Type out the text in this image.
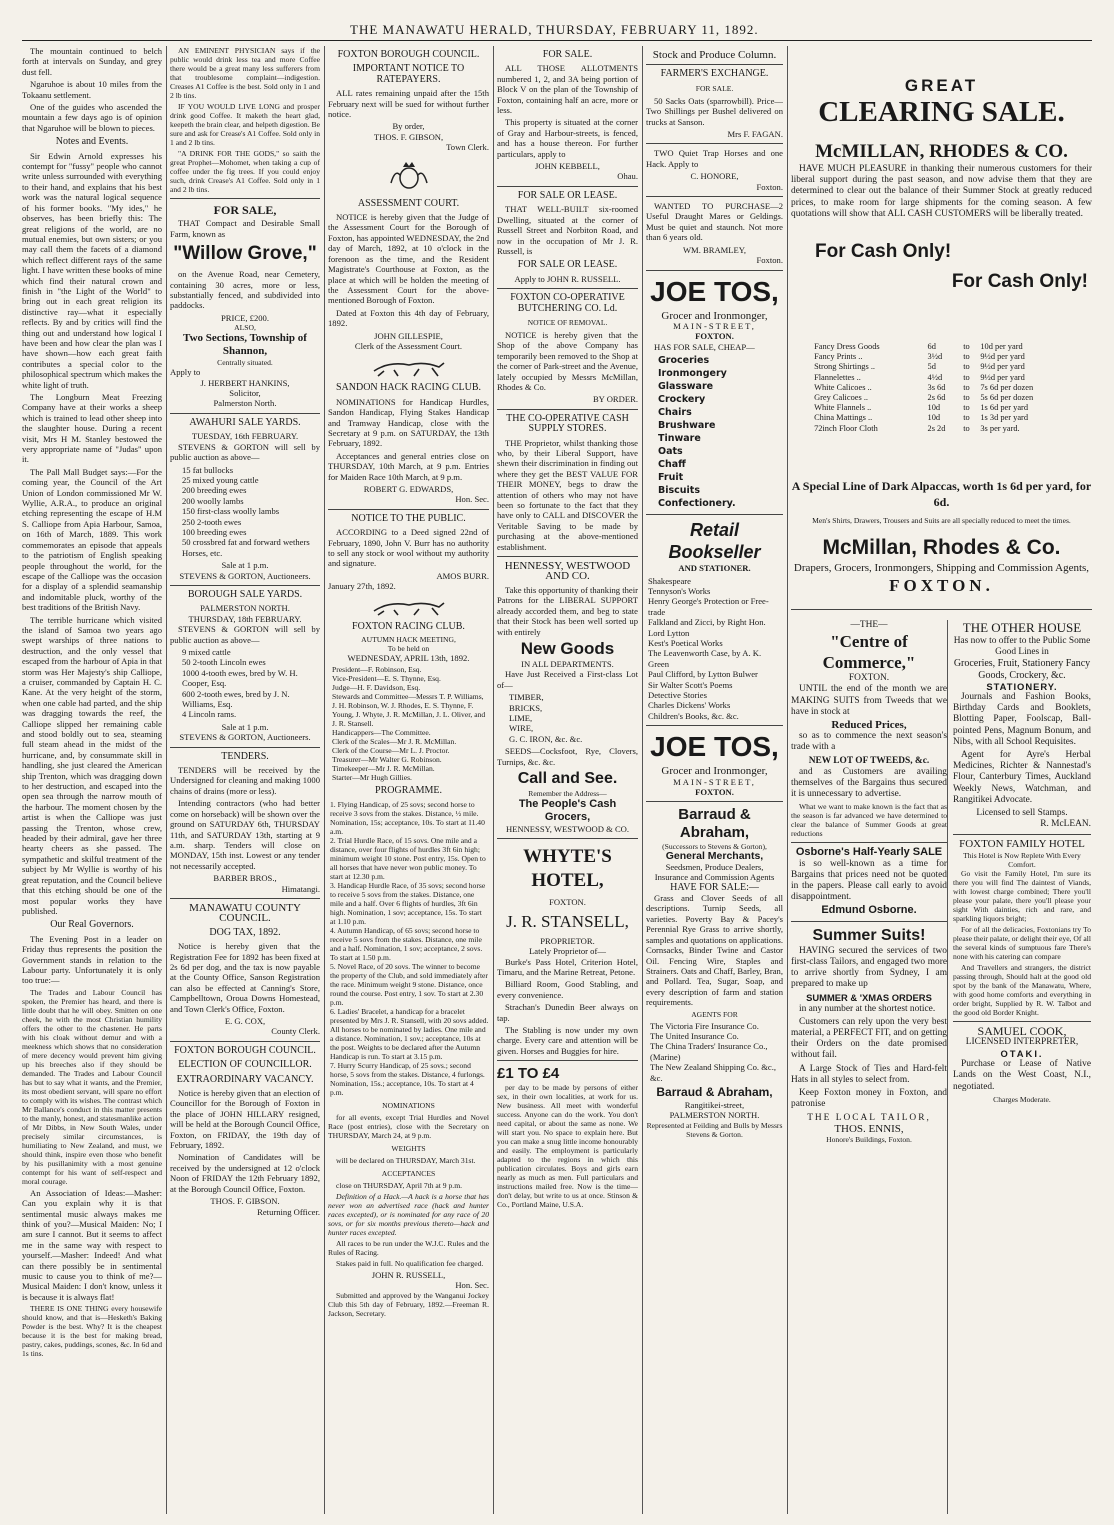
THE MANAWATU HERALD, THURSDAY, FEBRUARY 11, 1892.

The mountain continued to belch forth at intervals on Sunday, and grey dust fell.

Ngaruhoe is about 10 miles from the Tokaanu settlement.

One of the guides who ascended the mountain a few days ago is of opinion that Ngaruhoe will be blown to pieces.

Notes and Events.

Sir Edwin Arnold expresses his contempt for "fussy" people who cannot write unless surrounded with everything to their hand, and explains that his best work was the natural logical sequence of his former books. "My ides," he observes, has been briefly this: The great religions of the world, are no mutual enemies, but own sisters; or you may call them the facets of a diamond which reflect different rays of the same light. I have written these books of mine which find their natural crown and finish in "the Light of the World" to bring out in each great religion its distinctive ray—what it especially reflects. By and by critics will find the thing out and understand how logical I have been and how clear the plan was I have shown—how each great faith contributes a special color to the philosophical spectrum which makes the white light of truth.

The Longburn Meat Freezing Company have at their works a sheep which is trained to lead other sheep into the slaughter house. During a recent visit, Mrs H M. Stanley bestowed the very appropriate name of "Judas" upon it.

The Pall Mall Budget says:—For the coming year, the Council of the Art Union of London commissioned Mr W. Wyllie, A.R.A., to produce an original etching representing the escape of H.M S. Calliope from Apia Harbour, Samoa, on 16th of March, 1889. This work commemorates an episode that appeals to the patriotism of English speaking people throughout the world, for the escape of the Calliope was the occasion for a display of a splendid seamanship and indomitable pluck, worthy of the best traditions of the British Navy.

The terrible hurricane which visited the island of Samoa two years ago swept warships of three nations to destruction, and the only vessel that escaped from the harbour of Apia in that storm was Her Majesty's ship Calliope, a cruiser, commanded by Captain H. C. Kane. At the very height of the storm, when one cable had parted, and the ship was dragging towards the reef, the Calliope slipped her remaining cable and stood boldly out to sea, steaming full steam ahead in the midst of the hurricane, and, by consummate skill in handling, she just cleared the American ship Trenton, which was dragging down to her destruction, and escaped into the open sea through the narrow mouth of the harbour. The moment chosen by the artist is when the Calliope was just passing the Trenton, whose crew, headed by their admiral, gave her three hearty cheers as she passed. The sympathetic and skilful treatment of the subject by Mr Wyllie is worthy of his great reputation, and the Council believe that this etching should be one of the most popular works they have published.

Our Real Governors.

The Evening Post in a leader on Friday thus represents the position the Government stands in relation to the Labour party. Unfortunately it is only too true:—

The Trades and Labour Council has spoken, the Premier has heard, and there is little doubt that he will obey. Smitten on one cheek, he with the most Christian humility offers the other to the chastener. He parts with his cloak without demur and with a meekness which shows that no consideration of mere decency would prevent him giving up his breeches also if they should be demanded. The Trades and Labour Council has but to say what it wants, and the Premier, its most obedient servant, will spare no effort to comply with its wishes. The contrast which Mr Ballance's conduct in this matter presents to the manly, honest, and statesmanlike action of Mr Dibbs, in New South Wales, under precisely similar circumstances, is humiliating to New Zealand, and must, we should think, inspire even those who benefit by his pusillanimity with a most genuine contempt for his want of self-respect and moral courage.

An Association of Ideas:—Masher: Can you explain why it is that sentimental music always makes me think of you?—Musical Maiden: No; I am sure I cannot. But it seems to affect me in the same way with respect to yourself.—Masher: Indeed! And what can there possibly be in sentimental music to cause you to think of me?—Musical Maiden: I don't know, unless it is because it is always flat!

THERE IS ONE THING every housewife should know, and that is—Hesketh's Baking Powder is the best. Why? It is the cheapest because it is the best for making bread, pastry, cakes, puddings, scones, &c. In 6d and 1s tins.

AN EMINENT PHYSICIAN says if the public would drink less tea and more Coffee there would be a great many less sufferers from that troublesome complaint—indigestion. Creases A1 Coffee is the best. Sold only in 1 and 2 lb tins.

IF YOU WOULD LIVE LONG and prosper drink good Coffee. It maketh the heart glad, keepeth the brain clear, and helpeth digestion. Be sure and ask for Crease's A1 Coffee. Sold only in 1 and 2 lb tins.

"A DRINK FOR THE GODS," so saith the great Prophet—Mohomet, when taking a cup of coffee under the fig trees. If you could enjoy such, drink Crease's A1 Coffee. Sold only in 1 and 2 lb tins.

FOR SALE,

THAT Compact and Desirable Small Farm, known as

"Willow Grove,"

on the Avenue Road, near Cemetery, containing 30 acres, more or less, substantially fenced, and subdivided into paddocks.

PRICE, £200.
ALSO,
Two Sections, Township of Shannon,
Centrally situated.
Apply to
J. HERBERT HANKINS,
Solicitor,
Palmerston North.
AWAHURI SALE YARDS.
TUESDAY, 16th FEBRUARY.

STEVENS & GORTON will sell by public auction as above—

15 fat bullocks
25 mixed young cattle
200 breeding ewes
200 woolly lambs
150 first-class woolly lambs
250 2-tooth ewes
100 breeding ewes
50 crossbred fat and forward wethers
Horses, etc.
Sale at 1 p.m.
STEVENS & GORTON, Auctioneers.
BOROUGH SALE YARDS.
PALMERSTON NORTH.
THURSDAY, 18th FEBRUARY.

STEVENS & GORTON will sell by public auction as above—

9 mixed cattle
50 2-tooth Lincoln ewes
1000 4-tooth ewes, bred by W. H. Cooper, Esq.
600 2-tooth ewes, bred by J. N. Williams, Esq.
4 Lincoln rams.
Sale at 1 p.m.
STEVENS & GORTON, Auctioneers.
TENDERS.

TENDERS will be received by the Undersigned for cleaning and making 1000 chains of drains (more or less).

Intending contractors (who had better come on horseback) will be shown over the ground on SATURDAY 6th, THURSDAY 11th, and SATURDAY 13th, starting at 9 a.m. sharp. Tenders will close on MONDAY, 15th inst. Lowest or any tender not necessarily accepted.

BARBER BROS.,
Himatangi.
MANAWATU COUNTY COUNCIL.
DOG TAX, 1892.

Notice is hereby given that the Registration Fee for 1892 has been fixed at 2s 6d per dog, and the tax is now payable at the County Office, Sanson Registration can also be effected at Canning's Store, Campbelltown, Oroua Downs Homestead, and Town Clerk's Office, Foxton.

E. G. COX,
County Clerk.
FOXTON BOROUGH COUNCIL.
ELECTION OF COUNCILLOR.
EXTRAORDINARY VACANCY.

Notice is hereby given that an election of Councillor for the Borough of Foxton in the place of JOHN HILLARY resigned, will be held at the Borough Council Office, Foxton, on FRIDAY, the 19th day of February, 1892.

Nomination of Candidates will be received by the undersigned at 12 o'clock Noon of FRIDAY the 12th February 1892, at the Borough Council Office, Foxton.

THOS. F. GIBSON.
Returning Officer.
FOXTON BOROUGH COUNCIL.
IMPORTANT NOTICE TO RATEPAYERS.

ALL rates remaining unpaid after the 15th February next will be sued for without further notice.

By order,
THOS. F. GIBSON,
Town Clerk.
ASSESSMENT COURT.

NOTICE is hereby given that the Judge of the Assessment Court for the Borough of Foxton, has appointed WEDNESDAY, the 2nd day of March, 1892, at 10 o'clock in the forenoon as the time, and the Resident Magistrate's Courthouse at Foxton, as the place at which will be holden the meeting of the Assessment Court for the above-mentioned Borough of Foxton.

Dated at Foxton this 4th day of February, 1892.

JOHN GILLESPIE,
Clerk of the Assessment Court.
SANDON HACK RACING CLUB.

NOMINATIONS for Handicap Hurdles, Sandon Handicap, Flying Stakes Handicap and Tramway Handicap, close with the Secretary at 9 p.m. on SATURDAY, the 13th February, 1892.

Acceptances and general entries close on THURSDAY, 10th March, at 9 p.m. Entries for Maiden Race 10th March, at 9 p.m.

ROBERT G. EDWARDS,
Hon. Sec.
NOTICE TO THE PUBLIC.

ACCORDING to a Deed signed 22nd of February, 1890, John V. Burr has no authority to sell any stock or wool without my authority and signature.

AMOS BURR.
January 27th, 1892.
FOXTON RACING CLUB.
AUTUMN HACK MEETING,
To be held on
WEDNESDAY, APRIL 13th, 1892.
President—F. Robinson, Esq.
Vice-President—E. S. Thynne, Esq.
Judge—H. F. Davidson, Esq.
Stewards and Committee—Messrs T. P. Williams, J. H. Robinson, W. J. Rhodes, E. S. Thynne, F. Young, J. Whyte, J. R. McMillan, J. L. Oliver, and J. R. Stansell.
Handicappers—The Committee.
Clerk of the Scales—Mr J. R. McMillan.
Clerk of the Course—Mr L. J. Proctor.
Treasurer—Mr Walter G. Robinson.
Timekeeper—Mr J. R. McMillan.
Starter—Mr Hugh Gillies.
PROGRAMME.
1. Flying Handicap, of 25 sovs; second horse to receive 3 sovs from the stakes. Distance, ½ mile. Nomination, 15s; acceptance, 10s. To start at 11.40 a.m.
2. Trial Hurdle Race, of 15 sovs. One mile and a distance, over four flights of hurdles 3ft 6in high; minimum weight 10 stone. Post entry, 15s. Open to all horses that have never won public money. To start at 12.30 p.m.
3. Handicap Hurdle Race, of 35 sovs; second horse to receive 5 sovs from the stakes. Distance, one mile and a half. Over 6 flights of hurdles, 3ft 6in high. Nomination, 1 sov; acceptance, 15s. To start at 1.10 p.m.
4. Autumn Handicap, of 65 sovs; second horse to receive 5 sovs from the stakes. Distance, one mile and a half. Nomination, 1 sov; acceptance, 2 sovs. To start at 1.50 p.m.
5. Novel Race, of 20 sovs. The winner to become the property of the Club, and sold immediately after the race. Minimum weight 9 stone. Distance, once round the course. Post entry, 1 sov. To start at 2.30 p.m.
6. Ladies' Bracelet, a handicap for a bracelet presented by Mrs J. R. Stansell, with 20 sovs added. All horses to be nominated by ladies. One mile and a distance. Nomination, 1 sov.; acceptance, 10s at the post. Weights to be declared after the Autumn Handicap is run. To start at 3.15 p.m.
7. Hurry Scurry Handicap, of 25 sovs.; second horse, 5 sovs from the stakes. Distance, 4 furlongs. Nomination, 15s.; acceptance, 10s. To start at 4 p.m.
NOMINATIONS

for all events, except Trial Hurdles and Novel Race (post entries), close with the Secretary on THURSDAY, March 24, at 9 p.m.

WEIGHTS

will be declared on THURSDAY, March 31st.

ACCEPTANCES

close on THURSDAY, April 7th at 9 p.m.

Definition of a Hack.—A hack is a horse that has never won an advertised race (hack and hunter races excepted), or is nominated for any race of 20 sovs, or for six months previous thereto—hack and hunter races excepted.

All races to be run under the W.J.C. Rules and the Rules of Racing.

Stakes paid in full. No qualification fee charged.

JOHN R. RUSSELL,
Hon. Sec.

Submitted and approved by the Wanganui Jockey Club this 5th day of February, 1892.—Freeman R. Jackson, Secretary.

FOR SALE.

ALL THOSE ALLOTMENTS numbered 1, 2, and 3A being portion of Block V on the plan of the Township of Foxton, containing half an acre, more or less.

This property is situated at the corner of Gray and Harbour-streets, is fenced, and has a house thereon. For further particulars, apply to

JOHN KEBBELL,
Ohau.
FOR SALE OR LEASE.

THAT WELL-BUILT six-roomed Dwelling, situated at the corner of Russell Street and Norbiton Road, and now in the occupation of Mr J. R. Russell, is

FOR SALE OR LEASE.
Apply to JOHN R. RUSSELL.
FOXTON CO-OPERATIVE BUTCHERING CO. Ld.
NOTICE OF REMOVAL.

NOTICE is hereby given that the Shop of the above Company has temporarily been removed to the Shop at the corner of Park-street and the Avenue, lately occupied by Messrs McMillan, Rhodes & Co.

BY ORDER.
THE CO-OPERATIVE CASH SUPPLY STORES.

THE Proprietor, whilst thanking those who, by their Liberal Support, have shewn their discrimination in finding out where they get the BEST VALUE FOR THEIR MONEY, begs to draw the attention of others who may not have been so fortunate to the fact that they have only to CALL and DISCOVER the Veritable Saving to be made by purchasing at the above-mentioned establishment.

HENNESSY, WESTWOOD AND CO.

Take this opportunity of thanking their Patrons for the LIBERAL SUPPORT already accorded them, and beg to state that their Stock has been well sorted up with entirely

New Goods
IN ALL DEPARTMENTS.

Have Just Received a First-class Lot of—

TIMBER,
BRICKS,
LIME,
WIRE,
G. C. IRON, &c. &c.

SEEDS—Cocksfoot, Rye, Clovers, Turnips, &c. &c.

Call and See.
Remember the Address—
The People's Cash Grocers,
HENNESSY, WESTWOOD & CO.
WHYTE'S HOTEL,
FOXTON.
J. R. STANSELL,
PROPRIETOR.
Lately Proprietor of—

Burke's Pass Hotel, Criterion Hotel, Timaru, and the Marine Retreat, Petone.

Billiard Room, Good Stabling, and every convenience.

Strachan's Dunedin Beer always on tap.

The Stabling is now under my own charge. Every care and attention will be given. Horses and Buggies for hire.

£1 TO £4

per day to be made by persons of either sex, in their own localities, at work for us. New business. All meet with wonderful success. Anyone can do the work. You don't need capital, or about the same as none. We will start you. No space to explain here. But you can make a snug little income honourably and easily. The employment is particularly adapted to the regions in which this publication circulates. Boys and girls earn nearly as much as men. Full particulars and instructions mailed free. Now is the time—don't delay, but write to us at once. Stinson & Co., Portland Maine, U.S.A.

Stock and Produce Column.
FARMER'S EXCHANGE.
FOR SALE.

50 Sacks Oats (sparrowbill). Price—Two Shillings per Bushel delivered on trucks at Sanson.

Mrs F. FAGAN.

TWO Quiet Trap Horses and one Hack. Apply to

C. HONORE,
Foxton.

WANTED TO PURCHASE—2 Useful Draught Mares or Geldings. Must be quiet and staunch. Not more than 6 years old.

WM. BRAMLEY,
Foxton.
JOE TOS,
Grocer and Ironmonger,
MAIN-STREET,
FOXTON.

HAS FOR SALE, CHEAP—

Groceries
Ironmongery
Glassware
Crockery
Chairs
Brushware
Tinware
Oats
Chaff
Fruit
Biscuits
Confectionery.
Retail Bookseller
AND STATIONER.
Shakespeare
Tennyson's Works
Henry George's Protection or Free-trade
Falkland and Zicci, by Right Hon. Lord Lytton
Kest's Poetical Works
The Leavenworth Case, by A. K. Green
Paul Clifford, by Lytton Bulwer
Sir Walter Scott's Poems
Detective Stories
Charles Dickens' Works
Children's Books, &c. &c.
JOE TOS,
Grocer and Ironmonger,
MAIN-STREET,
FOXTON.
Barraud & Abraham,
(Successors to Stevens & Gorton),
General Merchants,
Seedsmen, Produce Dealers,
Insurance and Commission Agents
HAVE FOR SALE:—

Grass and Clover Seeds of all descriptions. Turnip Seeds, all varieties. Poverty Bay & Pacey's Perennial Rye Grass to arrive shortly, samples and quotations on applications. Cornsacks, Binder Twine and Castor Oil. Fencing Wire, Staples and Strainers. Oats and Chaff, Barley, Bran, and Pollard. Tea, Sugar, Soap, and every description of farm and station requirements.

AGENTS FOR
The Victoria Fire Insurance Co.
The United Insurance Co.
The China Traders' Insurance Co., (Marine)
The New Zealand Shipping Co. &c., &c.
Barraud & Abraham,
Rangitikei-street,
PALMERSTON NORTH.
Represented at Feilding and Bulls by Messrs Stevens & Gorton.
GREAT
CLEARING SALE.
McMILLAN, RHODES & CO.

HAVE MUCH PLEASURE in thanking their numerous customers for their liberal support during the past season, and now advise them that they are determined to clear out the balance of their Summer Stock at greatly reduced prices, to make room for large shipments for the coming season. A few quotations will show that ALL CASH CUSTOMERS will be liberally treated.

For Cash Only!
For Cash Only!
Fancy Dress Goods	6d	to	10d per yard
Fancy Prints ..	3½d	to	9½d per yard
Strong Shirtings ..	5d	to	9½d per yard
Flannelettes ..	4½d	to	9½d per yard
White Calicoes ..	3s 6d	to	7s 6d per dozen
Grey Calicoes ..	2s 6d	to	5s 6d per dozen
White Flannels ..	10d	to	1s 6d per yard
China Mattings ..	10d	to	1s 3d per yard
72inch Floor Cloth	2s 2d	to	3s per yard.
A Special Line of Dark Alpaccas, worth 1s 6d per yard, for 6d.
Men's Shirts, Drawers, Trousers and Suits are all specially reduced to meet the times.
McMillan, Rhodes & Co.
Drapers, Grocers, Ironmongers, Shipping and Commission Agents,
FOXTON.
—THE—
"Centre of Commerce,"
FOXTON.

UNTIL the end of the month we are MAKING SUITS from Tweeds that we have in stock at

Reduced Prices,

so as to commence the next season's trade with a

NEW LOT OF TWEEDS, &c.

and as Customers are availing themselves of the Bargains thus secured it is unnecessary to advertise.

What we want to make known is the fact that as the season is far advanced we have determined to clear the balance of Summer Goods at great reductions

Osborne's Half-Yearly SALE

is so well-known as a time for Bargains that prices need not be quoted in the papers. Please call early to avoid disappointment.

Edmund Osborne.
Summer Suits!

HAVING secured the services of two first-class Tailors, and engaged two more to arrive shortly from Sydney, I am prepared to make up

SUMMER & 'XMAS ORDERS

in any number at the shortest notice.

Customers can rely upon the very best material, a PERFECT FIT, and on getting their Orders on the date promised without fail.

A Large Stock of Ties and Hard-felt Hats in all styles to select from.

Keep Foxton money in Foxton, and patronise

THE LOCAL TAILOR,
THOS. ENNIS,
Honore's Buildings, Foxton.
THE OTHER HOUSE
Has now to offer to the Public Some Good Lines in
Groceries, Fruit, Stationery Fancy Goods, Crockery, &c.
STATIONERY.

Journals and Fashion Books, Birthday Cards and Booklets, Blotting Paper, Foolscap, Ball-pointed Pens, Magnum Bonum, and Nibs, with all School Requisites.

Agent for Ayre's Herbal Medicines, Richter & Nannestad's Flour, Canterbury Times, Auckland Weekly News, Watchman, and Rangitikei Advocate.

Licensed to sell Stamps.
R. McLEAN.
FOXTON FAMILY HOTEL
This Hotel is Now Replete With Every Comfort.

Go visit the Family Hotel, I'm sure its there you will find The daintest of Viands, with lowest charge combined; There you'll please your palate, there you'll please your sight With dainties, rich and rare, and sparkling liquors bright;

For of all the delicacies, Foxtonians try To please their palate, or delight their eye, Of all the several kinds of sumptuous fare There's none with his catering can compare

And Travellers and strangers, the district passing through, Should halt at the good old spot by the bank of the Manawatu, Where, with good home comforts and everything in order bright, Supplied by R. W. Talbot and the good old Border Knight.

SAMUEL COOK,
LICENSED INTERPRETER,
OTAKI.

Purchase or Lease of Native Lands on the West Coast, N.I., negotiated.

Charges Moderate.
